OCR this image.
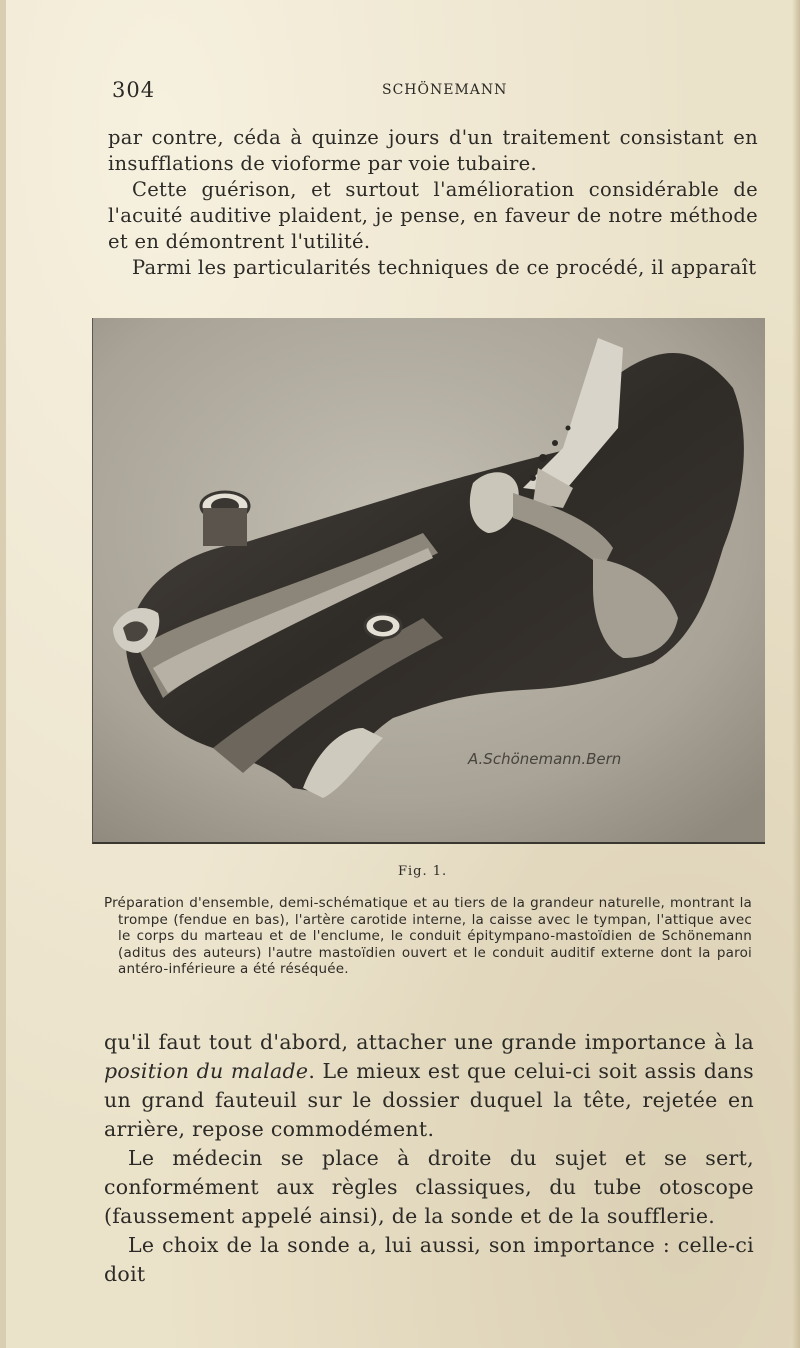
304	SCHÖNEMANN

par contre, céda à quinze jours d'un traitement consistant en insufflations de vioforme par voie tubaire.

Cette guérison, et surtout l'amélioration considérable de l'acuité auditive plaident, je pense, en faveur de notre méthode et en démontrent l'utilité.

Parmi les particularités techniques de ce procédé, il apparaît

A.Schönemann.Bern
Fig. 1.
Préparation d'ensemble, demi-schématique et au tiers de la grandeur naturelle, montrant la trompe (fendue en bas), l'artère carotide interne, la caisse avec le tympan, l'attique avec le corps du marteau et de l'enclume, le conduit épitympano-mastoïdien de Schönemann (aditus des auteurs) l'autre mastoïdien ouvert et le conduit auditif externe dont la paroi antéro-inférieure a été réséquée.

qu'il faut tout d'abord, attacher une grande importance à la position du malade. Le mieux est que celui-ci soit assis dans un grand fauteuil sur le dossier duquel la tête, rejetée en arrière, repose commodément.

Le médecin se place à droite du sujet et se sert, conformément aux règles classiques, du tube otoscope (faussement appelé ainsi), de la sonde et de la soufflerie.

Le choix de la sonde a, lui aussi, son importance : celle-ci doit
